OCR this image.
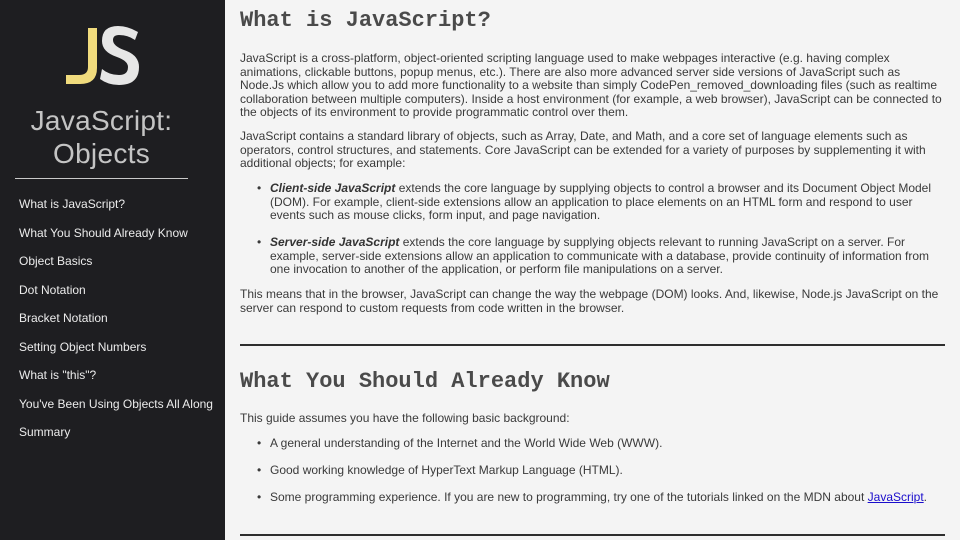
JavaScript:
Objects
What is JavaScript?
What You Should Already Know
Object Basics
Dot Notation
Bracket Notation
Setting Object Numbers
What is "this"?
You've Been Using Objects All Along
Summary
What is JavaScript?

JavaScript is a cross-platform, object-oriented scripting language used to make webpages interactive (e.g. having complex animations, clickable buttons, popup menus, etc.). There are also more advanced server side versions of JavaScript such as Node.Js which allow you to add more functionality to a website than simply CodePen_removed_downloading files (such as realtime collaboration between multiple computers). Inside a host environment (for example, a web browser), JavaScript can be connected to the objects of its environment to provide programmatic control over them.

JavaScript contains a standard library of objects, such as Array, Date, and Math, and a core set of language elements such as operators, control structures, and statements. Core JavaScript can be extended for a variety of purposes by supplementing it with additional objects; for example:

• Client-side JavaScript extends the core language by supplying objects to control a browser and its Document Object Model (DOM). For example, client-side extensions allow an application to place elements on an HTML form and respond to user events such as mouse clicks, form input, and page navigation.
• Server-side JavaScript extends the core language by supplying objects relevant to running JavaScript on a server. For example, server-side extensions allow an application to communicate with a database, provide continuity of information from one invocation to another of the application, or perform file manipulations on a server.

This means that in the browser, JavaScript can change the way the webpage (DOM) looks. And, likewise, Node.js JavaScript on the server can respond to custom requests from code written in the browser.

What You Should Already Know

This guide assumes you have the following basic background:

• A general understanding of the Internet and the World Wide Web (WWW).
• Good working knowledge of HyperText Markup Language (HTML).
• Some programming experience. If you are new to programming, try one of the tutorials linked on the MDN about JavaScript.
